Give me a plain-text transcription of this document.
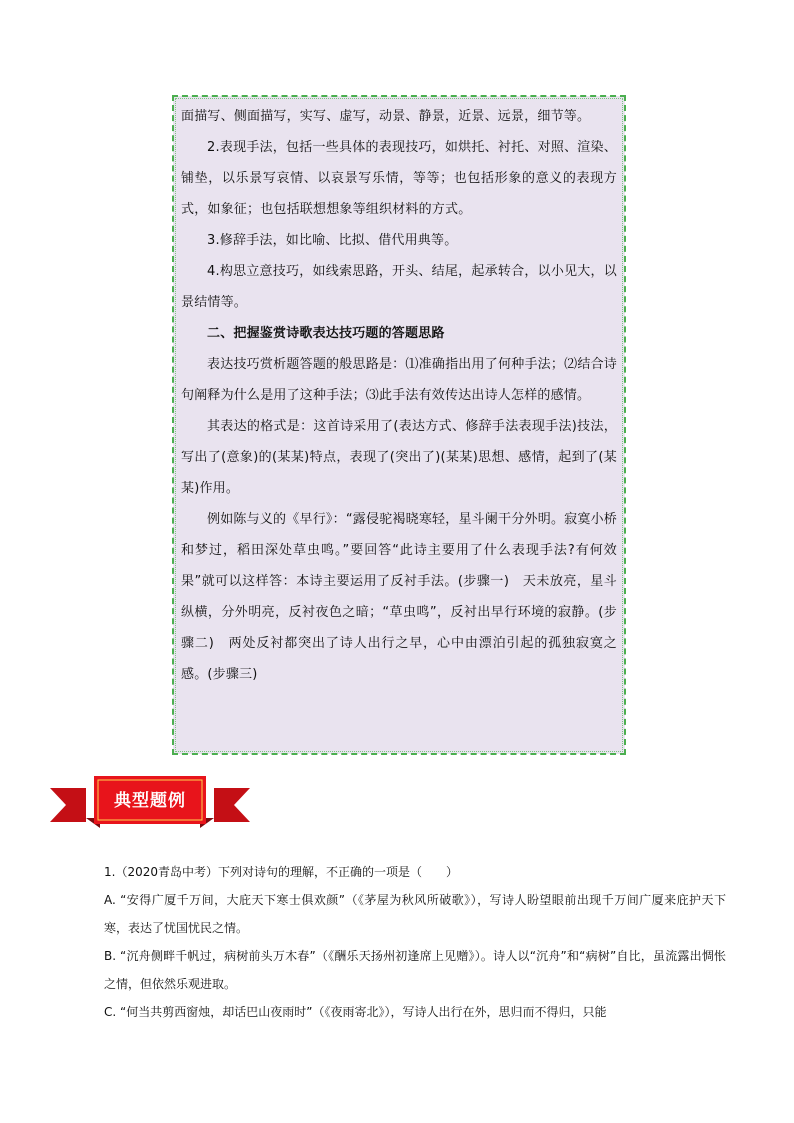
面描写、侧面描写，实写、虚写，动景、静景，近景、远景，细节等。

2.表现手法，包括一些具体的表现技巧，如烘托、衬托、对照、渲染、铺垫，以乐景写哀情、以哀景写乐情，等等；也包括形象的意义的表现方式，如象征；也包括联想想象等组织材料的方式。

3.修辞手法，如比喻、比拟、借代用典等。

4.构思立意技巧，如线索思路，开头、结尾，起承转合，以小见大，以景结情等。

二、把握鉴赏诗歌表达技巧题的答题思路

表达技巧赏析题答题的般思路是：⑴准确指出用了何种手法；⑵结合诗句阐释为什么是用了这种手法；⑶此手法有效传达出诗人怎样的感情。

其表达的格式是：这首诗采用了(表达方式、修辞手法表现手法)技法，写出了(意象)的(某某)特点，表现了(突出了)(某某)思想、感情，起到了(某某)作用。

例如陈与义的《早行》：“露侵驼褐晓寒轻，星斗阑干分外明。寂寞小桥和梦过，稻田深处草虫鸣。”要回答“此诗主要用了什么表现手法?有何效果”就可以这样答：本诗主要运用了反衬手法。(步骤一)　天未放亮，星斗纵横，分外明亮，反衬夜色之暗；“草虫鸣”，反衬出早行环境的寂静。(步骤二)　两处反衬都突出了诗人出行之早，心中由漂泊引起的孤独寂寞之感。(步骤三)

典型题例

1.（2020青岛中考）下列对诗句的理解，不正确的一项是（　　）

A. “安得广厦千万间，大庇天下寒士俱欢颜”（《茅屋为秋风所破歌》），写诗人盼望眼前出现千万间广厦来庇护天下寒，表达了忧国忧民之情。

B. “沉舟侧畔千帆过，病树前头万木春”（《酬乐天扬州初逢席上见赠》）。诗人以“沉舟”和“病树”自比，虽流露出惆怅之情，但依然乐观进取。

C. “何当共剪西窗烛，却话巴山夜雨时”（《夜雨寄北》），写诗人出行在外，思归而不得归，只能
